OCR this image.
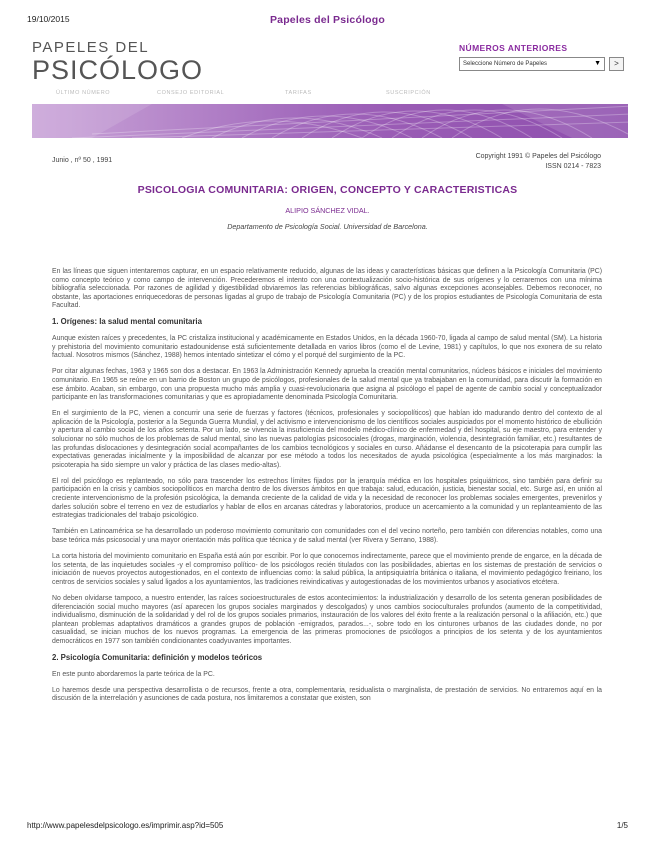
19/10/2015	Papeles del Psicólogo
PAPELES DEL
PSICÓLOGO
NÚMEROS ANTERIORES
Seleccione Número de Papeles	▼	>
ÚLTIMO NÚMERO	CONSEJO EDITORIAL	TARIFAS	SUSCRIPCIÓN
Junio , nº 50 , 1991
Copyright 1991 © Papeles del Psicólogo
ISSN 0214 - 7823
PSICOLOGIA COMUNITARIA: ORIGEN, CONCEPTO Y CARACTERISTICAS
ALIPIO SÁNCHEZ VIDAL.
Departamento de Psicología Social. Universidad de Barcelona.

En las líneas que siguen intentaremos capturar, en un espacio relativamente reducido, algunas de las ideas y características básicas que definen a la Psicología Comunitaria (PC) como concepto teórico y como campo de intervención. Precederemos el intento con una contextualización socio-histórica de sus orígenes y lo cerraremos con una mínima bibliografía seleccionada. Por razones de agilidad y digestibilidad obviaremos las referencias bibliográficas, salvo algunas excepciones aconsejables. Debemos reconocer, no obstante, las aportaciones enriquecedoras de personas ligadas al grupo de trabajo de Psicología Comunitaria (PC) y de los propios estudiantes de Psicología Comunitaria de esta Facultad.

1. Orígenes: la salud mental comunitaria

Aunque existen raíces y precedentes, la PC cristaliza institucional y académicamente en Estados Unidos, en la década 1960-70, ligada al campo de salud mental (SM). La historia y prehistoria del movimiento comunitario estadounidense está suficientemente detallada en varios libros (como el de Levine, 1981) y capítulos, lo que nos exonera de su relato factual. Nosotros mismos (Sánchez, 1988) hemos intentado sintetizar el cómo y el porqué del surgimiento de la PC.

Por citar algunas fechas, 1963 y 1965 son dos a destacar. En 1963 la Administración Kennedy aprueba la creación mental comunitarios, núcleos básicos e iniciales del movimiento comunitario. En 1965 se reúne en un barrio de Boston un grupo de psicólogos, profesionales de la salud mental que ya trabajaban en la comunidad, para discutir la formación en ese ámbito. Acaban, sin embargo, con una propuesta mucho más amplia y cuasi-revolucionaria que asigna al psicólogo el papel de agente de cambio social y conceptualizador participante en las transformaciones comunitarias y que es apropiadamente denominada Psicología Comunitaria.

En el surgimiento de la PC, vienen a concurrir una serie de fuerzas y factores (técnicos, profesionales y sociopolíticos) que habían ido madurando dentro del contexto de al aplicación de la Psicología, posterior a la Segunda Guerra Mundial, y del activismo e intervencionismo de los científicos sociales auspiciados por el momento histórico de ebullición y apertura al cambio social de los años setenta. Por un lado, se vivencia la insuficiencia del modelo médico-clínico de enfermedad y del hospital, su eje maestro, para entender y solucionar no sólo muchos de los problemas de salud mental, sino las nuevas patologías psicosociales (drogas, marginación, violencia, desintegración familiar, etc.) resultantes de las profundas dislocaciones y desintegración social acompañantes de los cambios tecnológicos y sociales en curso. Añádanse el desencanto de la psicoterapia para cumplir las expectativas generadas inicialmente y la imposibilidad de alcanzar por ese método a todos los necesitados de ayuda psicológica (especialmente a los más marginados: la psicoterapia ha sido siempre un valor y práctica de las clases medio-altas).

El rol del psicólogo es replanteado, no sólo para trascender los estrechos límites fijados por la jerarquía médica en los hospitales psiquiátricos, sino también para definir su participación en la crisis y cambios sociopolíticos en marcha dentro de los diversos ámbitos en que trabaja: salud, educación, justicia, bienestar social, etc. Surge así, en unión al creciente intervencionismo de la profesión psicológica, la demanda creciente de la calidad de vida y la necesidad de reconocer los problemas sociales emergentes, prevenirlos y darles solución sobre el terreno en vez de estudiarlos y hablar de ellos en arcanas cátedras y laboratorios, produce un acercamiento a la comunidad y un replanteamiento de las estrategias tradicionales del trabajo psicológico.

También en Latinoamérica se ha desarrollado un poderoso movimiento comunitario con comunidades con el del vecino norteño, pero también con diferencias notables, como una base teórica más psicosocial y una mayor orientación más política que técnica y de salud mental (ver Rivera y Serrano, 1988).

La corta historia del movimiento comunitario en España está aún por escribir. Por lo que conocemos indirectamente, parece que el movimiento prende de engarce, en la década de los setenta, de las inquietudes sociales -y el compromiso político- de los psicólogos recién titulados con las posibilidades, abiertas en los sistemas de prestación de servicios o iniciación de nuevos proyectos autogestionados, en el contexto de influencias como: la salud pública, la antipsiquiatría británica o italiana, el movimiento pedagógico freiriano, los centros de servicios sociales y salud ligados a los ayuntamientos, las tradiciones reivindicativas y autogestionadas de los movimientos urbanos y asociativos etcétera.

No deben olvidarse tampoco, a nuestro entender, las raíces socioestructurales de estos acontecimientos: la industrialización y desarrollo de los setenta generan posibilidades de diferenciación social mucho mayores (así aparecen los grupos sociales marginados y descolgados) y unos cambios socioculturales profundos (aumento de la competitividad, individualismo, disminución de la solidaridad y del rol de los grupos sociales primarios, instauración de los valores del éxito frente a la realización personal o la afiliación, etc.) que plantean problemas adaptativos dramáticos a grandes grupos de población -emigrados, parados...-, sobre todo en los cinturones urbanos de las ciudades donde, no por casualidad, se inician muchos de los nuevos programas. La emergencia de las primeras promociones de psicólogos a principios de los setenta y de los ayuntamientos democráticos en 1977 son también condicionantes coadyuvantes importantes.

2. Psicología Comunitaria: definición y modelos teóricos

En este punto abordaremos la parte teórica de la PC.

Lo haremos desde una perspectiva desarrollista o de recursos, frente a otra, complementaria, residualista o marginalista, de prestación de servicios. No entraremos aquí en la discusión de la interrelación y asunciones de cada postura, nos limitaremos a constatar que existen, son

http://www.papelesdelpsicologo.es/imprimir.asp?id=505	1/5
